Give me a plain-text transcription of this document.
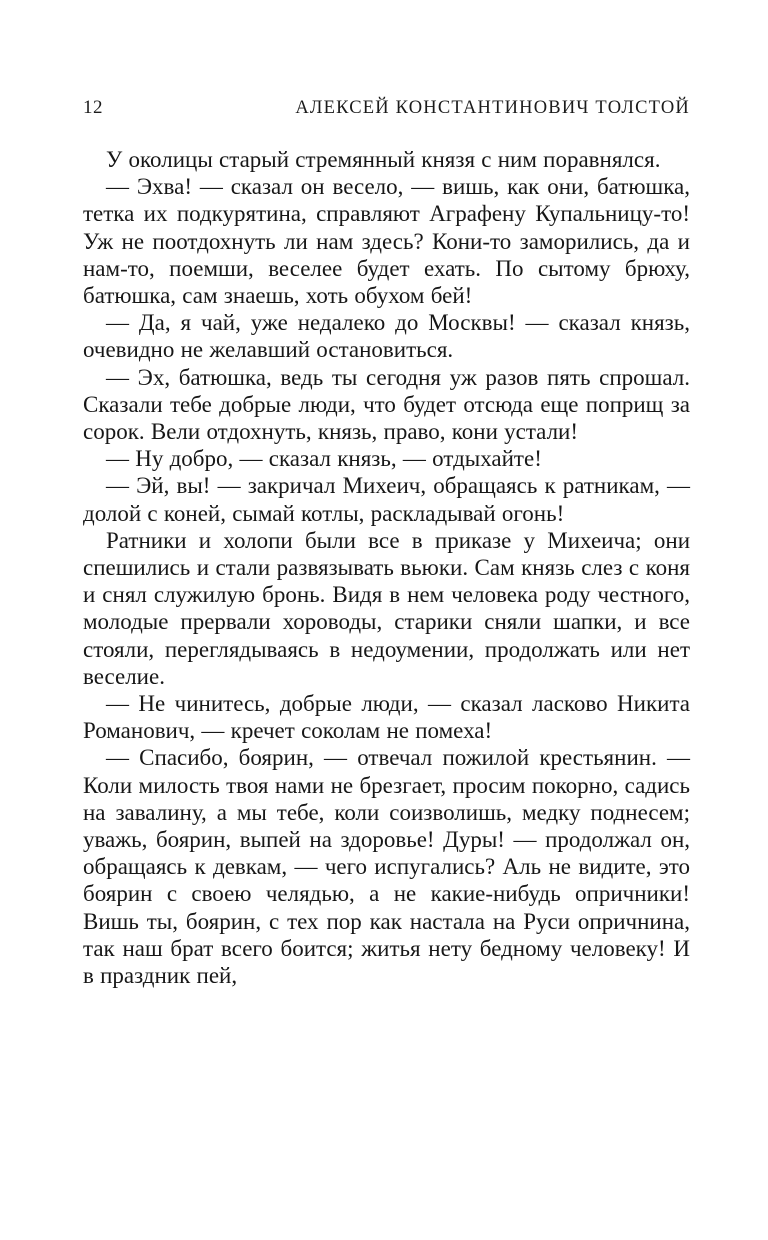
12	АЛЕКСЕЙ КОНСТАНТИНОВИЧ ТОЛСТОЙ

У околицы старый стремянный князя с ним поравнялся.

— Эхва! — сказал он весело, — вишь, как они, батюшка, тетка их подкурятина, справляют Аграфену Купальницу-то! Уж не поотдохнуть ли нам здесь? Кони-то заморились, да и нам-то, поемши, веселее будет ехать. По сытому брюху, батюшка, сам знаешь, хоть обухом бей!

— Да, я чай, уже недалеко до Москвы! — сказал князь, очевидно не желавший остановиться.

— Эх, батюшка, ведь ты сегодня уж разов пять спрошал. Сказали тебе добрые люди, что будет отсюда еще поприщ за сорок. Вели отдохнуть, князь, право, кони устали!

— Ну добро, — сказал князь, — отдыхайте!

— Эй, вы! — закричал Михеич, обращаясь к ратникам, — долой с коней, сымай котлы, раскладывай огонь!

Ратники и холопи были все в приказе у Михеича; они спешились и стали развязывать вьюки. Сам князь слез с коня и снял служилую бронь. Видя в нем человека роду честного, молодые прервали хороводы, старики сняли шапки, и все стояли, переглядываясь в недоумении, продолжать или нет веселие.

— Не чинитесь, добрые люди, — сказал ласково Никита Романович, — кречет соколам не помеха!

— Спасибо, боярин, — отвечал пожилой крестьянин. — Коли милость твоя нами не брезгает, просим покорно, садись на завалину, а мы тебе, коли соизволишь, медку поднесем; уважь, боярин, выпей на здоровье! Дуры! — продолжал он, обращаясь к девкам, — чего испугались? Аль не видите, это боярин с своею челядью, а не какие-нибудь опричники! Вишь ты, боярин, с тех пор как настала на Руси опричнина, так наш брат всего боится; житья нету бедному человеку! И в праздник пей,
